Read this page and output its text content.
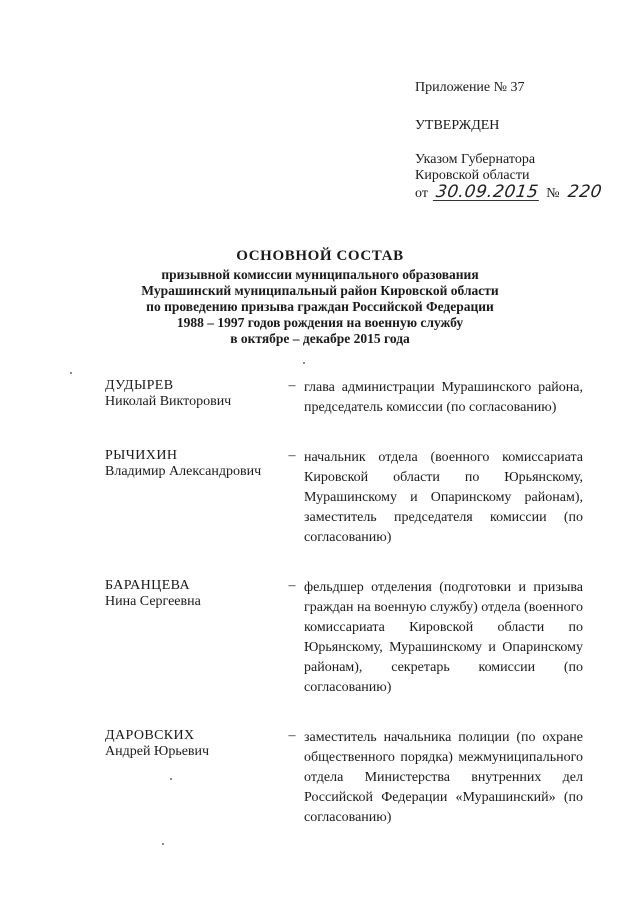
Приложение № 37
УТВЕРЖДЕН
Указом Губернатора
Кировской области
от 30.09.2015 № 220
ОСНОВНОЙ СОСТАВ
призывной комиссии муниципального образования
Мурашинский муниципальный район Кировской области
по проведению призыва граждан Российской Федерации
1988 – 1997 годов рождения на военную службу
в октябре – декабре 2015 года
ДУДЫРЕВ
Николай Викторович
– глава администрации Мурашинского района, председатель комиссии (по согласованию)
РЫЧИХИН
Владимир Александрович
– начальник отдела (военного комиссариата Кировской области по Юрьянскому, Мурашинскому и Опаринскому районам), заместитель председателя комиссии (по согласованию)
БАРАНЦЕВА
Нина Сергеевна
– фельдшер отделения (подготовки и призыва граждан на военную службу) отдела (военного комиссариата Кировской области по Юрьянскому, Мурашинскому и Опаринскому районам), секретарь комиссии (по согласованию)
ДАРОВСКИХ
Андрей Юрьевич
– заместитель начальника полиции (по охране общественного порядка) межмуниципального отдела Министерства внутренних дел Российской Федерации «Мурашинский» (по согласованию)
